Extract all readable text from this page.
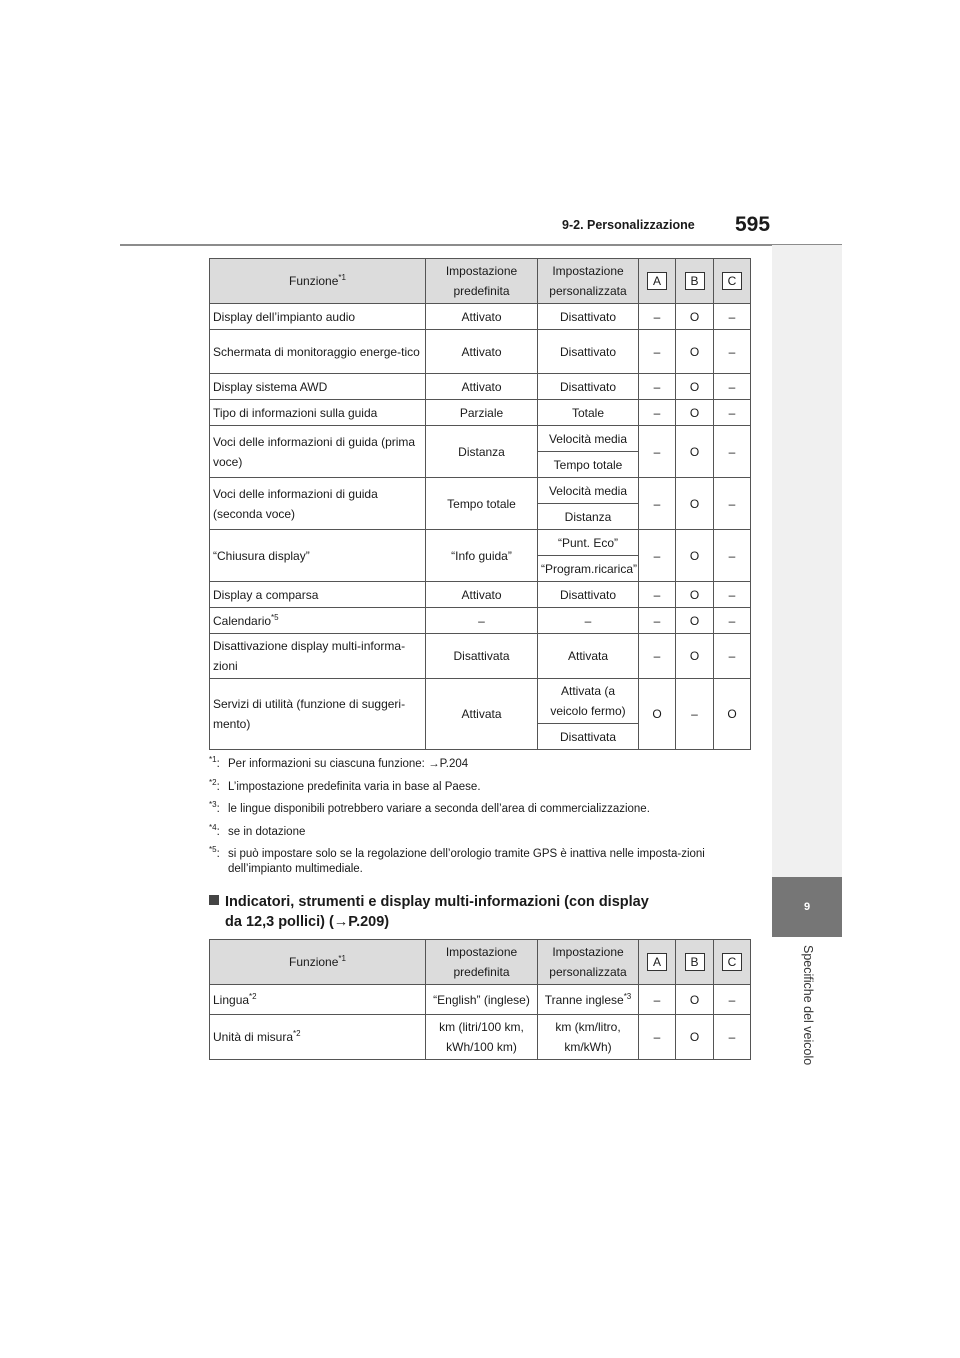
9-2. Personalizzazione 595
9
Specifiche del veicolo
Funzione$^{*1}$	Impostazione predefinita	Impostazione personalizzata	A	B	C
Display dell’impianto audio	Attivato	Disattivato	–	O	–
Schermata di monitoraggio energe-tico	Attivato	Disattivato	–	O	–
Display sistema AWD	Attivato	Disattivato	–	O	–
Tipo di informazioni sulla guida	Parziale	Totale	–	O	–
Voci delle informazioni di guida (prima voce)	Distanza	Velocità media	–	O	–
		Tempo totale			
Voci delle informazioni di guida (seconda voce)	Tempo totale	Velocità media	–	O	–
		Distanza			
“Chiusura display”	“Info guida”	“Punt. Eco”	–	O	–
		“Program.ricarica”			
Display a comparsa	Attivato	Disattivato	–	O	–
Calendario$^{*5}$	–	–	–	O	–
Disattivazione display multi-informa-zioni	Disattivata	Attivata	–	O	–
Servizi di utilità (funzione di suggeri-mento)	Attivata	Attivata (a veicolo fermo)	O	–	O
		Disattivata			
$^{*1}$: Per informazioni su ciascuna funzione: →P.204
$^{*2}$: L’impostazione predefinita varia in base al Paese.
$^{*3}$: le lingue disponibili potrebbero variare a seconda dell’area di commercializzazione.
$^{*4}$: se in dotazione
$^{*5}$: si può impostare solo se la regolazione dell’orologio tramite GPS è inattiva nelle imposta-zioni dell’impianto multimediale.
Indicatori, strumenti e display multi-informazioni (con display
da 12,3 pollici) (→P.209)
Funzione$^{*1}$	Impostazione predefinita	Impostazione personalizzata	A	B	C
Lingua$^{*2}$	“English” (inglese)	Tranne inglese$^{*3}$	–	O	–
Unità di misura$^{*2}$	km (litri/100 km, kWh/100 km)	km (km/litro, km/kWh)	–	O	–
